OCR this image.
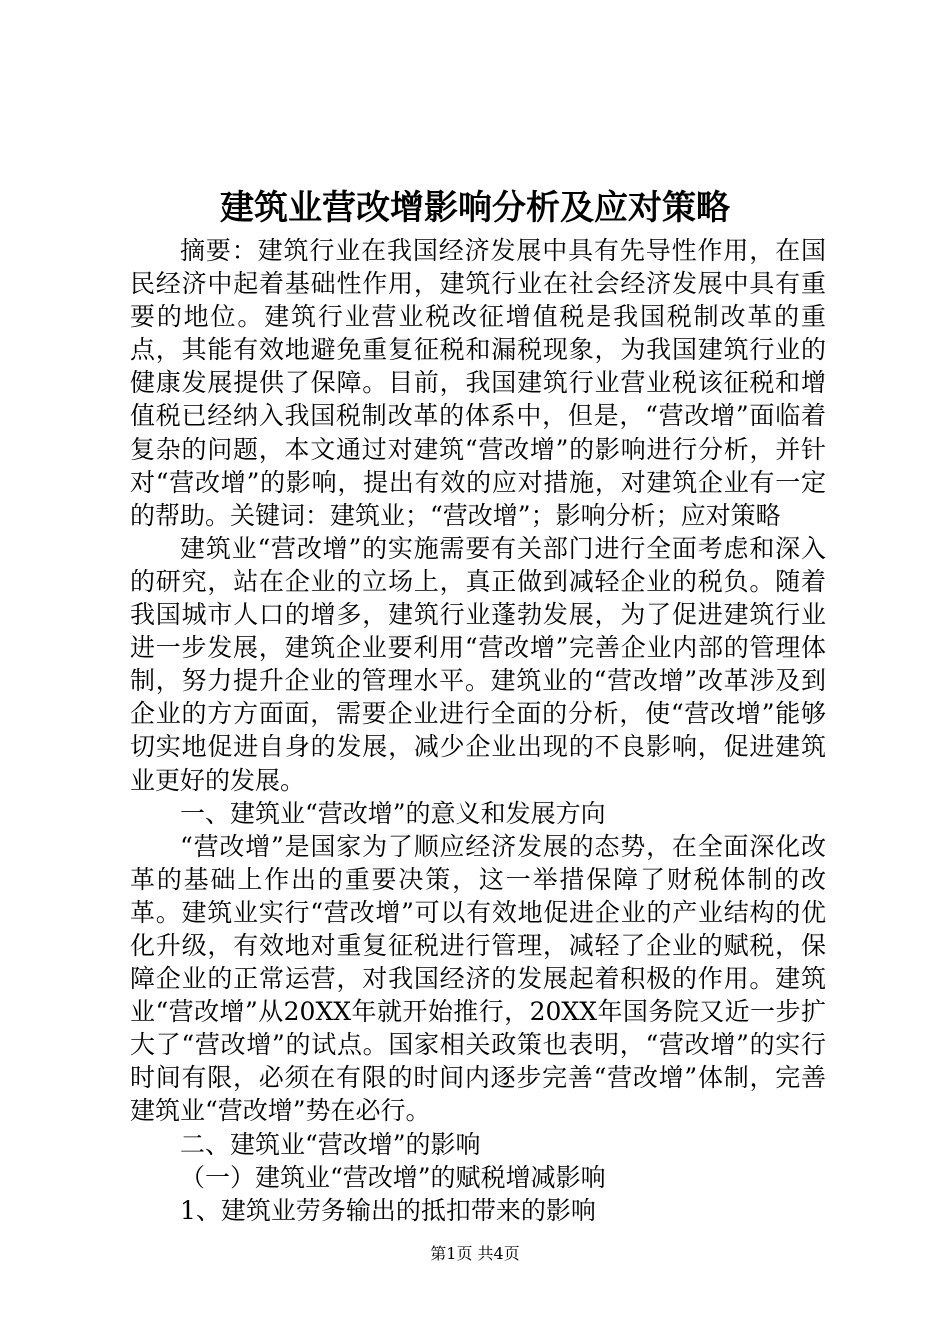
建筑业营改增影响分析及应对策略

摘要：建筑行业在我国经济发展中具有先导性作用，在国民经济中起着基础性作用，建筑行业在社会经济发展中具有重要的地位。建筑行业营业税改征增值税是我国税制改革的重点，其能有效地避免重复征税和漏税现象，为我国建筑行业的健康发展提供了保障。目前，我国建筑行业营业税该征税和增值税已经纳入我国税制改革的体系中，但是，“营改增”面临着复杂的问题，本文通过对建筑“营改增”的影响进行分析，并针对“营改增”的影响，提出有效的应对措施，对建筑企业有一定的帮助。关键词：建筑业；“营改增”；影响分析；应对策略

建筑业“营改增”的实施需要有关部门进行全面考虑和深入的研究，站在企业的立场上，真正做到减轻企业的税负。随着我国城市人口的增多，建筑行业蓬勃发展，为了促进建筑行业进一步发展，建筑企业要利用“营改增”完善企业内部的管理体制，努力提升企业的管理水平。建筑业的“营改增”改革涉及到企业的方方面面，需要企业进行全面的分析，使“营改增”能够切实地促进自身的发展，减少企业出现的不良影响，促进建筑业更好的发展。

一、建筑业“营改增”的意义和发展方向

“营改增”是国家为了顺应经济发展的态势，在全面深化改革的基础上作出的重要决策，这一举措保障了财税体制的改革。建筑业实行“营改增”可以有效地促进企业的产业结构的优化升级，有效地对重复征税进行管理，减轻了企业的赋税，保障企业的正常运营，对我国经济的发展起着积极的作用。建筑业“营改增”从20XX年就开始推行，20XX年国务院又近一步扩大了“营改增”的试点。国家相关政策也表明，“营改增”的实行时间有限，必须在有限的时间内逐步完善“营改增”体制，完善建筑业“营改增”势在必行。

二、建筑业“营改增”的影响

（一）建筑业“营改增”的赋税增减影响

1、建筑业劳务输出的抵扣带来的影响

第1页 共4页
